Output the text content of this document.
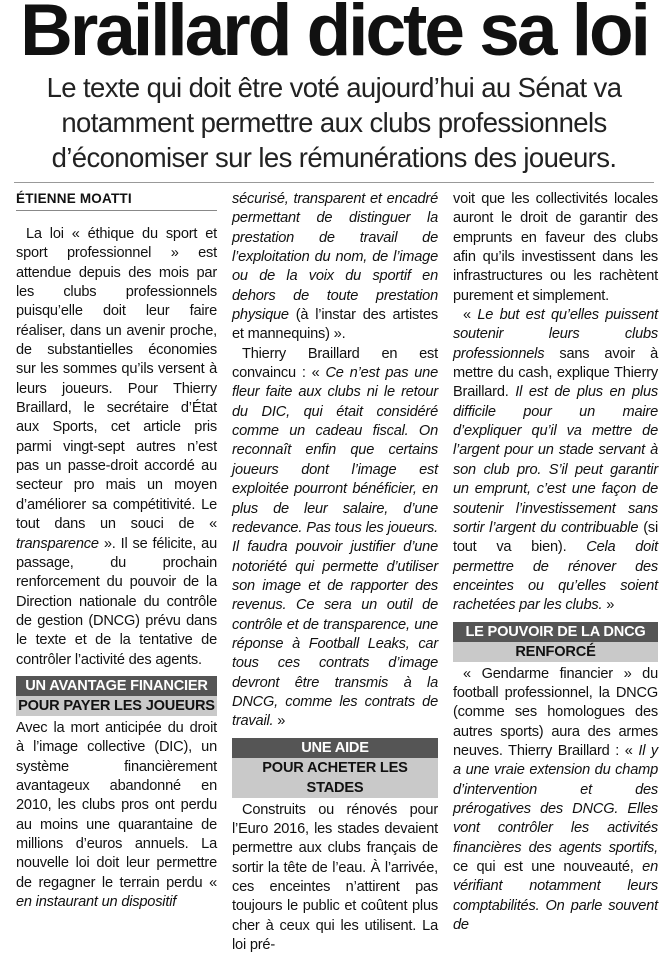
Braillard dicte sa loi
Le texte qui doit être voté aujourd’hui au Sénat va notamment permettre aux clubs professionnels d’économiser sur les rémunérations des joueurs.
ÉTIENNE MOATTI

La loi « éthique du sport et sport professionnel » est attendue depuis des mois par les clubs professionnels puisqu’elle doit leur faire réaliser, dans un avenir proche, de substantielles économies sur les sommes qu’ils versent à leurs joueurs. Pour Thierry Braillard, le secrétaire d’État aux Sports, cet article pris parmi vingt-sept autres n’est pas un passe-droit accordé au secteur pro mais un moyen d’améliorer sa compétitivité. Le tout dans un souci de « transparence ». Il se félicite, au passage, du prochain renforcement du pouvoir de la Direction nationale du contrôle de gestion (DNCG) prévu dans le texte et de la tentative de contrôler l’activité des agents.

UN AVANTAGE FINANCIER
POUR PAYER LES JOUEURS

Avec la mort anticipée du droit à l’image collective (DIC), un système financièrement avantageux abandonné en 2010, les clubs pros ont perdu au moins une quarantaine de millions d’euros annuels. La nouvelle loi doit leur permettre de regagner le terrain perdu « en instaurant un dispositif

sécurisé, transparent et encadré permettant de distinguer la prestation de travail de l’exploitation du nom, de l’image ou de la voix du sportif en dehors de toute prestation physique (à l’instar des artistes et mannequins) ».

Thierry Braillard en est convaincu : « Ce n’est pas une fleur faite aux clubs ni le retour du DIC, qui était considéré comme un cadeau fiscal. On reconnaît enfin que certains joueurs dont l’image est exploitée pourront bénéficier, en plus de leur salaire, d’une redevance. Pas tous les joueurs. Il faudra pouvoir justifier d’une notoriété qui permette d’utiliser son image et de rapporter des revenus. Ce sera un outil de contrôle et de transparence, une réponse à Football Leaks, car tous ces contrats d’image devront être transmis à la DNCG, comme les contrats de travail. »

UNE AIDE
POUR ACHETER LES STADES

Construits ou rénovés pour l’Euro 2016, les stades devaient permettre aux clubs français de sortir la tête de l’eau. À l’arrivée, ces enceintes n’attirent pas toujours le public et coûtent plus cher à ceux qui les utilisent. La loi pré-

voit que les collectivités locales auront le droit de garantir des emprunts en faveur des clubs afin qu’ils investissent dans les infrastructures ou les rachètent purement et simplement.

« Le but est qu’elles puissent soutenir leurs clubs professionnels sans avoir à mettre du cash, explique Thierry Braillard. Il est de plus en plus difficile pour un maire d’expliquer qu’il va mettre de l’argent pour un stade servant à son club pro. S’il peut garantir un emprunt, c’est une façon de soutenir l’investissement sans sortir l’argent du contribuable (si tout va bien). Cela doit permettre de rénover des enceintes ou qu’elles soient rachetées par les clubs. »

LE POUVOIR DE LA DNCG
RENFORCÉ

« Gendarme financier » du football professionnel, la DNCG (comme ses homologues des autres sports) aura des armes neuves. Thierry Braillard : « Il y a une vraie extension du champ d’intervention et des prérogatives des DNCG. Elles vont contrôler les activités financières des agents sportifs, ce qui est une nouveauté, en vérifiant notamment leurs comptabilités. On parle souvent de
